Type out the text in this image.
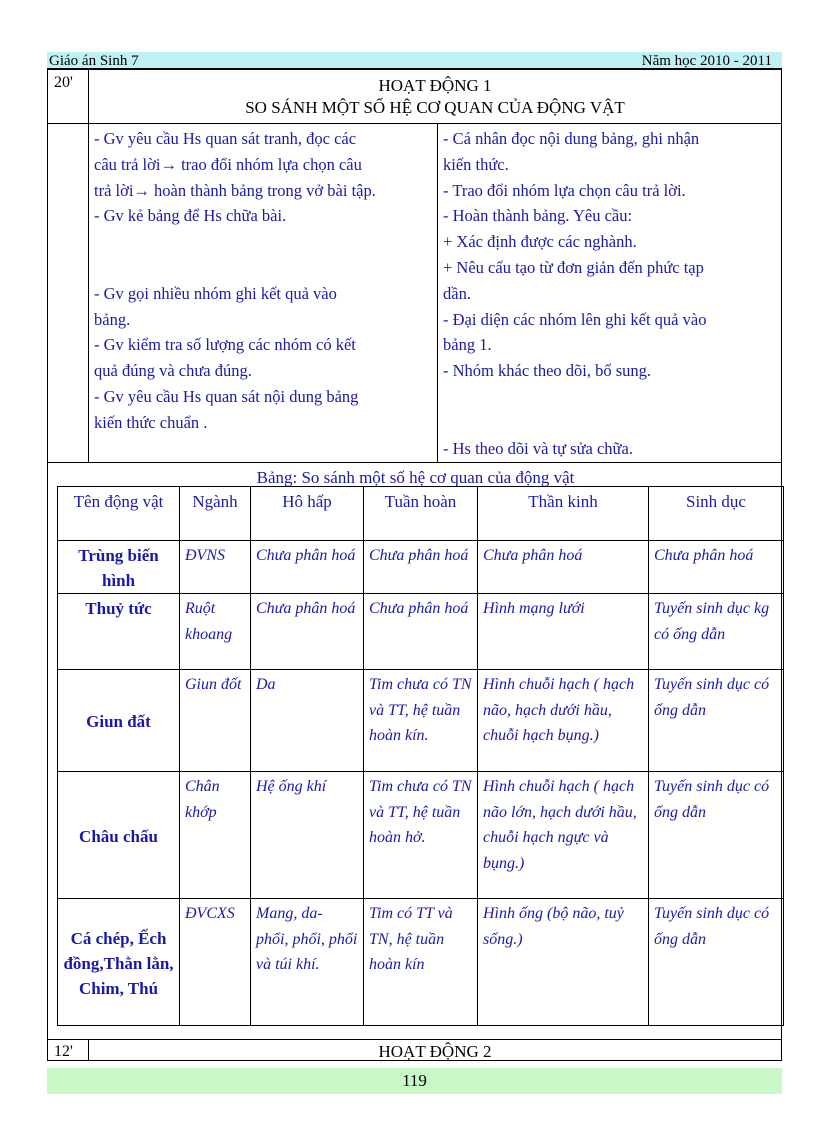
Giáo án Sinh 7	Năm học 2010 - 2011
20'	HOẠT ĐỘNG 1
SO SÁNH MỘT SỐ HỆ CƠ QUAN CỦA ĐỘNG VẬT
- Gv yêu cầu Hs quan sát tranh, đọc các
câu trả lời→ trao đổi nhóm lựa chọn câu
trả lời→ hoàn thành bảng trong vở bài tập.
- Gv kẻ bảng để Hs chữa bài.

- Gv gọi nhiều nhóm ghi kết quả vào
bảng.
- Gv kiểm tra số lượng các nhóm có kết
quả đúng và chưa đúng.
- Gv yêu cầu Hs quan sát nội dung bảng
kiến thức chuẩn .
- Cá nhân đọc nội dung bảng, ghi nhận
kiến thức.
- Trao đổi nhóm lựa chọn câu trả lời.
- Hoàn thành bảng. Yêu cầu:
+ Xác định được các nghành.
+ Nêu cấu tạo từ đơn giản đến phức tạp
dần.
- Đại diện các nhóm lên ghi kết quả vào
bảng 1.
- Nhóm khác theo dõi, bổ sung.

- Hs theo dõi và tự sửa chữa.
Bảng: So sánh một số hệ cơ quan của động vật
Tên động vật	Ngành	Hô hấp	Tuần hoàn	Thần kinh	Sinh dục
Trùng biến hình	ĐVNS	Chưa phân hoá	Chưa phân hoá	Chưa phân hoá	Chưa phân hoá
Thuỷ tức	Ruột khoang	Chưa phân hoá	Chưa phân hoá	Hình mạng lưới	Tuyến sinh dục kg có ống dẫn
Giun đất	Giun đốt	Da	Tim chưa có TN và TT, hệ tuần hoàn kín.	Hình chuỗi hạch ( hạch não, hạch dưới hầu, chuỗi hạch bụng.)	Tuyến sinh dục có ống dẫn
Châu chấu	Chân khớp	Hệ ống khí	Tim chưa có TN và TT, hệ tuần hoàn hở.	Hình chuỗi hạch ( hạch não lớn, hạch dưới hầu, chuỗi hạch ngực và bụng.)	Tuyến sinh dục có ống dẫn
Cá chép, Ếch đồng,Thằn lằn, Chim, Thú	ĐVCXS	Mang, da- phổi, phổi, phổi và túi khí.	Tim có TT và TN, hệ tuần hoàn kín	Hình ống (bộ não, tuỷ sống.)	Tuyến sinh dục có ống dẫn
12'	HOẠT ĐỘNG 2
119
